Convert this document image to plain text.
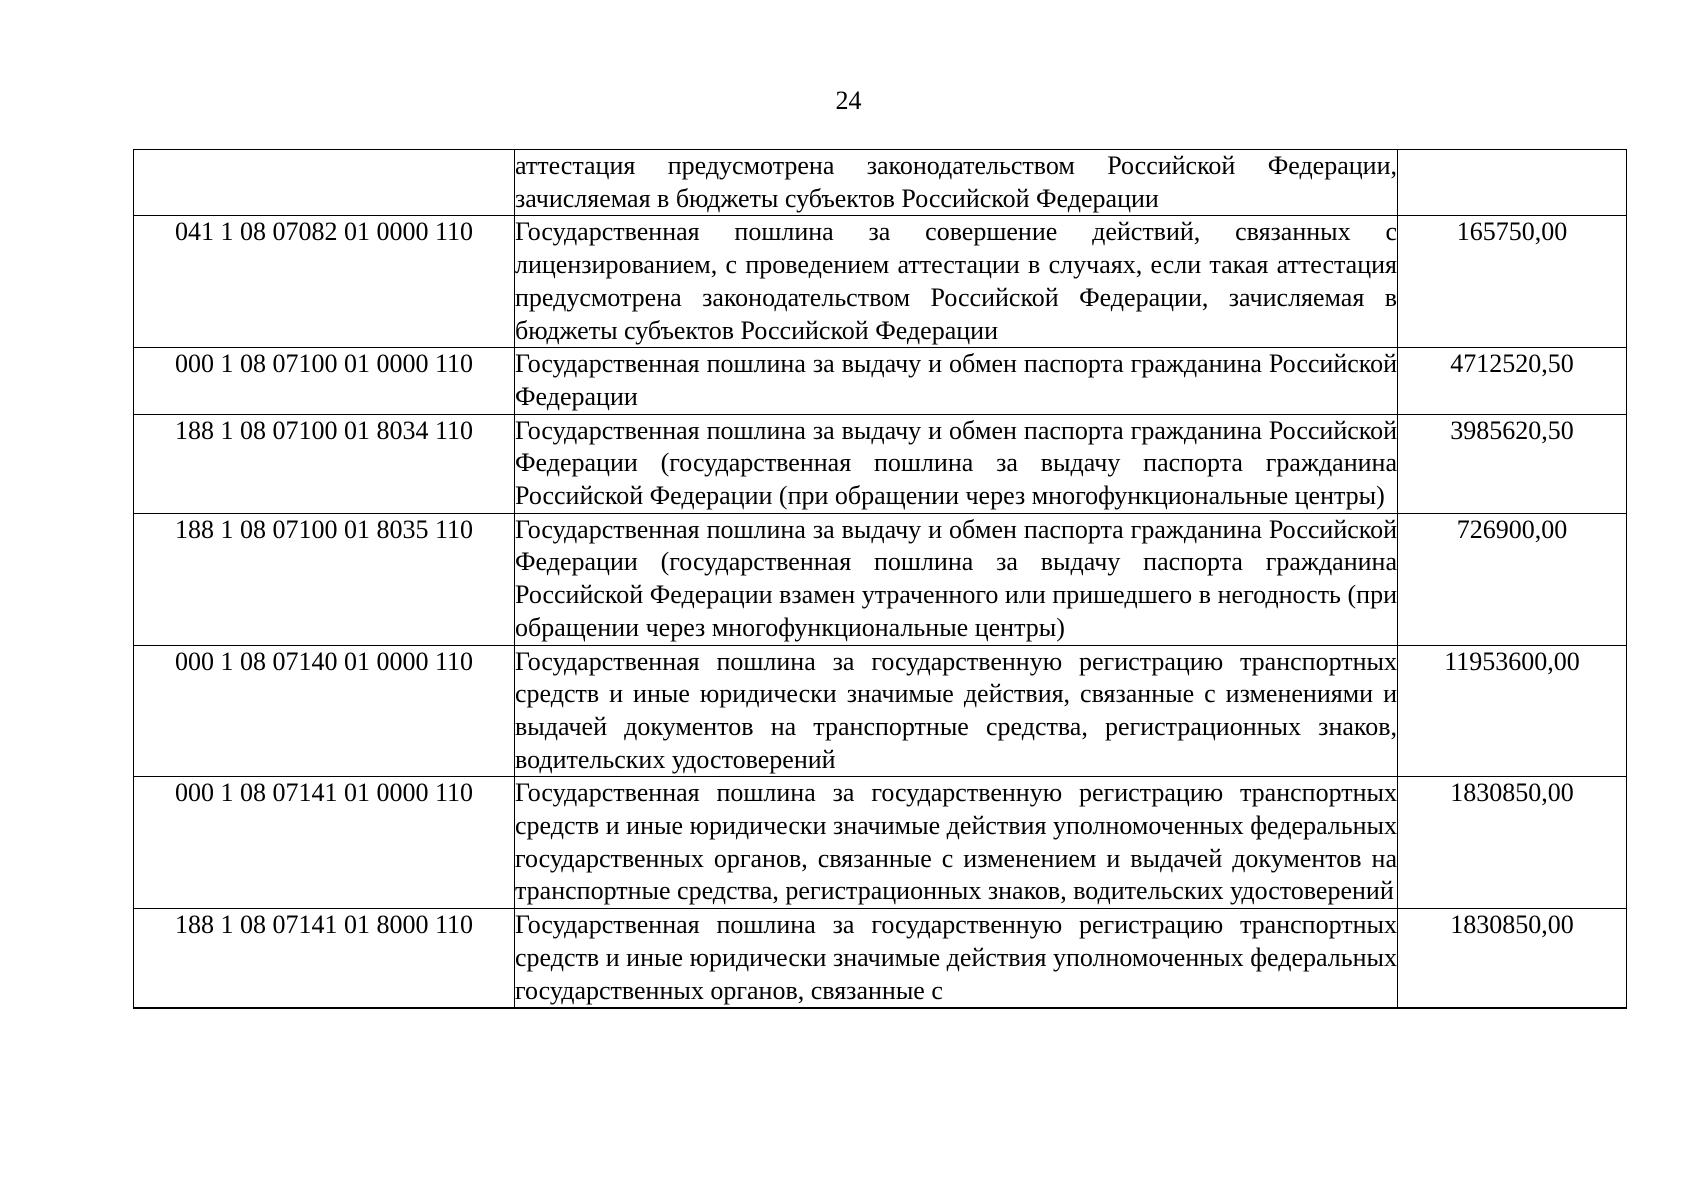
24
	аттестация предусмотрена законодательством Российской Федерации, зачисляемая в бюджеты субъектов Российской Федерации	
041 1 08 07082 01 0000 110	Государственная пошлина за совершение действий, связанных с лицензированием, с проведением аттестации в случаях, если такая аттестация предусмотрена законодательством Российской Федерации, зачисляемая в бюджеты субъектов Российской Федерации	165750,00
000 1 08 07100 01 0000 110	Государственная пошлина за выдачу и обмен паспорта гражданина Российской Федерации	4712520,50
188 1 08 07100 01 8034 110	Государственная пошлина за выдачу и обмен паспорта гражданина Российской Федерации (государственная пошлина за выдачу паспорта гражданина Российской Федерации (при обращении через многофункциональные центры)	3985620,50
188 1 08 07100 01 8035 110	Государственная пошлина за выдачу и обмен паспорта гражданина Российской Федерации (государственная пошлина за выдачу паспорта гражданина Российской Федерации взамен утраченного или пришедшего в негодность (при обращении через многофункциональные центры)	726900,00
000 1 08 07140 01 0000 110	Государственная пошлина за государственную регистрацию транспортных средств и иные юридически значимые действия, связанные с изменениями и выдачей документов на транспортные средства, регистрационных знаков, водительских удостоверений	11953600,00
000 1 08 07141 01 0000 110	Государственная пошлина за государственную регистрацию транспортных средств и иные юридически значимые действия уполномоченных федеральных государственных органов, связанные с изменением и выдачей документов на транспортные средства, регистрационных знаков, водительских удостоверений	1830850,00
188 1 08 07141 01 8000 110	Государственная пошлина за государственную регистрацию транспортных средств и иные юридически значимые действия уполномоченных федеральных государственных органов, связанные с	1830850,00
